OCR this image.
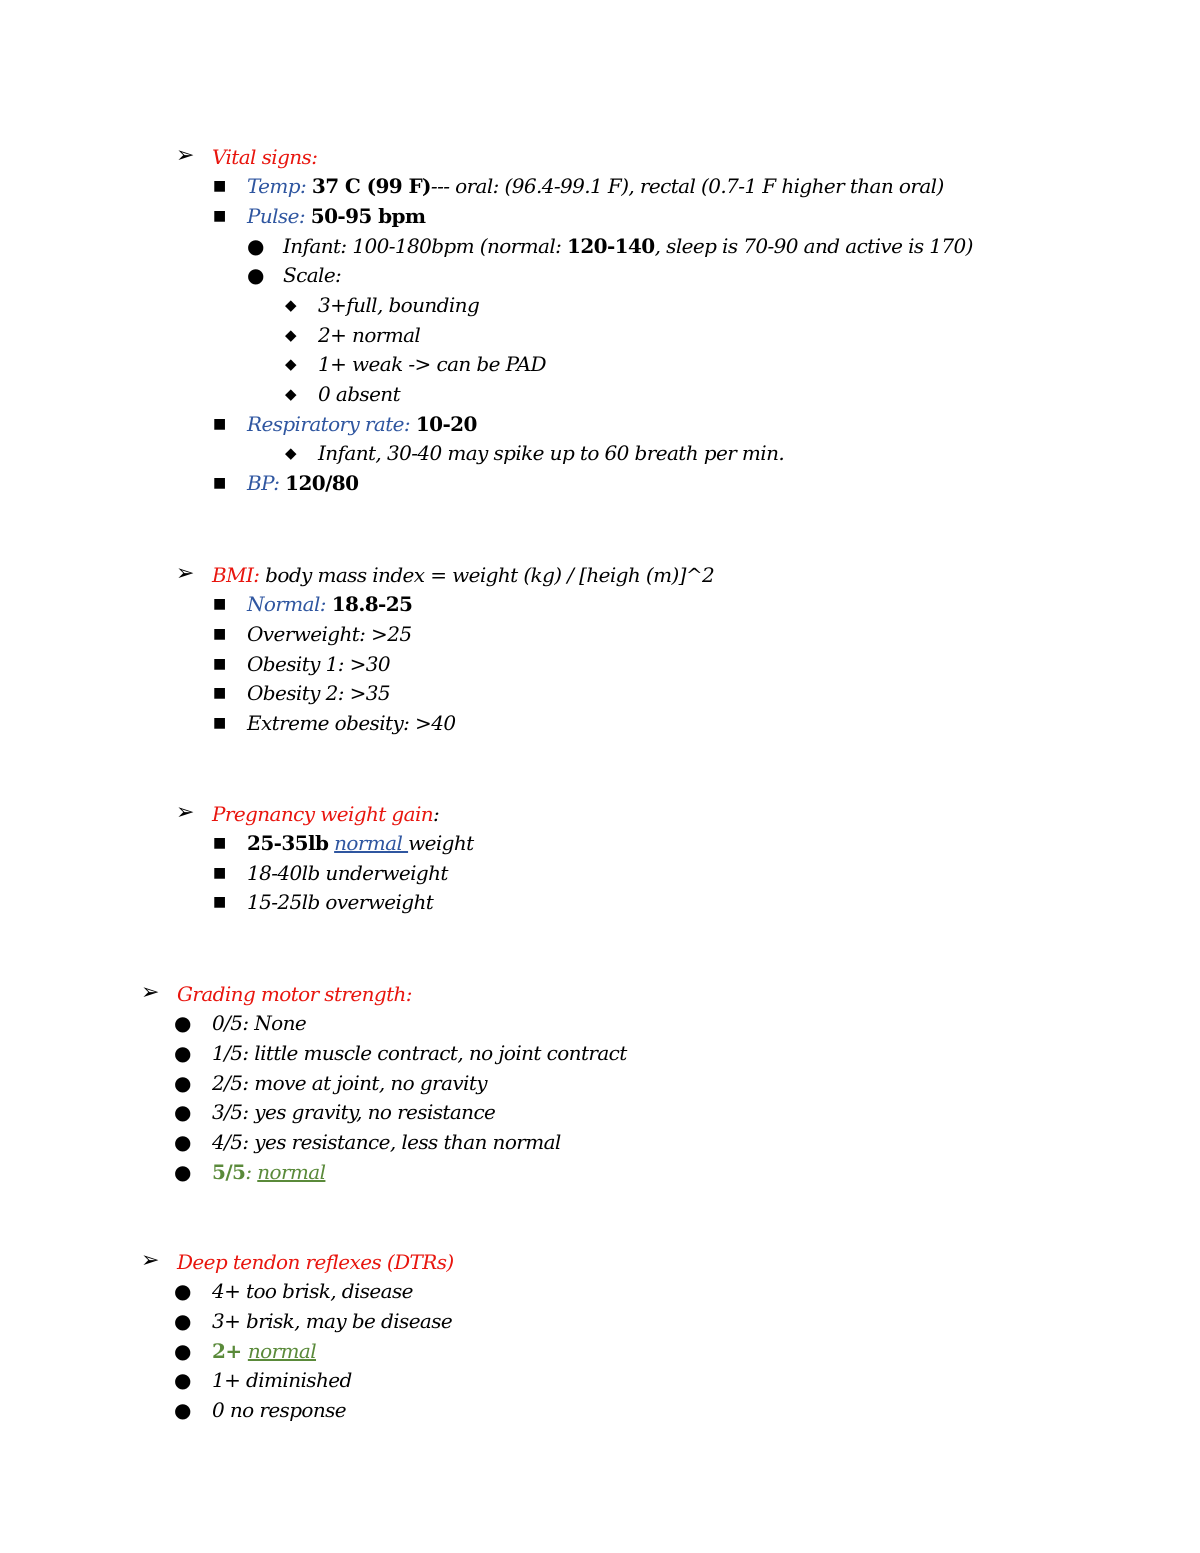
➢ Vital signs:
■ Temp: 37 C (99 F)--- oral: (96.4-99.1 F), rectal (0.7-1 F higher than oral)
■ Pulse: 50-95 bpm
● Infant: 100-180bpm (normal: 120-140, sleep is 70-90 and active is 170)
● Scale:
◆ 3+full, bounding
◆ 2+ normal
◆ 1+ weak -> can be PAD
◆ 0 absent
■ Respiratory rate: 10-20
◆ Infant, 30-40 may spike up to 60 breath per min.
■ BP: 120/80
➢ BMI: body mass index = weight (kg) / [heigh (m)]^2
■ Normal: 18.8-25
■ Overweight: >25
■ Obesity 1: >30
■ Obesity 2: >35
■ Extreme obesity: >40
➢ Pregnancy weight gain:
■ 25-35lb normal weight
■ 18-40lb underweight
■ 15-25lb overweight
➢ Grading motor strength:
● 0/5: None
● 1/5: little muscle contract, no joint contract
● 2/5: move at joint, no gravity
● 3/5: yes gravity, no resistance
● 4/5: yes resistance, less than normal
● 5/5: normal
➢ Deep tendon reflexes (DTRs)
● 4+ too brisk, disease
● 3+ brisk, may be disease
● 2+ normal
● 1+ diminished
● 0 no response
